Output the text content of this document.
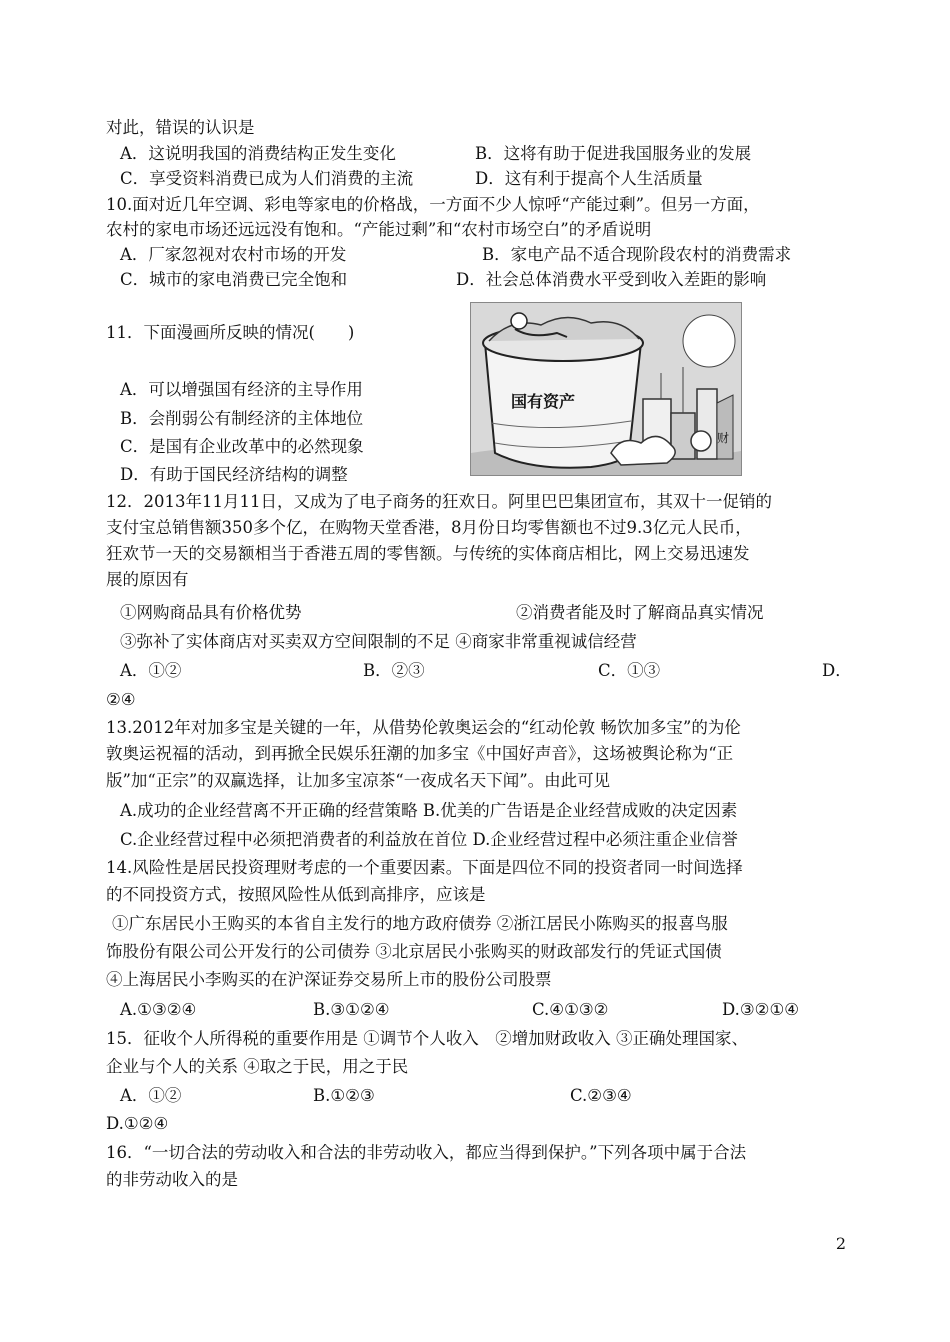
对此，错误的认识是
A．这说明我国的消费结构正发生变化	B．这将有助于促进我国服务业的发展
C．享受资料消费已成为人们消费的主流	D．这有利于提高个人生活质量
10.面对近几年空调、彩电等家电的价格战，一方面不少人惊呼“产能过剩”。但另一方面，
农村的家电市场还远远没有饱和。“产能过剩”和“农村市场空白”的矛盾说明
A．厂家忽视对农村市场的开发	B．家电产品不适合现阶段农村的消费需求
C．城市的家电消费已完全饱和	D．社会总体消费水平受到收入差距的影响
11．下面漫画所反映的情况(　　)
A．可以增强国有经济的主导作用
B．会削弱公有制经济的主体地位
C．是国有企业改革中的必然现象
D．有助于国民经济结构的调整
国有资产
财
12．2013年11月11日，又成为了电子商务的狂欢日。阿里巴巴集团宣布，其双十一促销的
支付宝总销售额350多个亿，在购物天堂香港，8月份日均零售额也不过9.3亿元人民币，
狂欢节一天的交易额相当于香港五周的零售额。与传统的实体商店相比，网上交易迅速发
展的原因有
①网购商品具有价格优势	②消费者能及时了解商品真实情况
③弥补了实体商店对买卖双方空间限制的不足 ④商家非常重视诚信经营
A．①②	B．②③	C．①③	D．
②④
13.2012年对加多宝是关键的一年，从借势伦敦奥运会的“红动伦敦 畅饮加多宝”的为伦
敦奥运祝福的活动，到再掀全民娱乐狂潮的加多宝《中国好声音》，这场被舆论称为“正
版”加“正宗”的双赢选择，让加多宝凉茶“一夜成名天下闻”。由此可见
A.成功的企业经营离不开正确的经营策略 B.优美的广告语是企业经营成败的决定因素
C.企业经营过程中必须把消费者的利益放在首位 D.企业经营过程中必须注重企业信誉
14.风险性是居民投资理财考虑的一个重要因素。下面是四位不同的投资者同一时间选择
的不同投资方式，按照风险性从低到高排序，应该是
①广东居民小王购买的本省自主发行的地方政府债券 ②浙江居民小陈购买的报喜鸟服
饰股份有限公司公开发行的公司债券 ③北京居民小张购买的财政部发行的凭证式国债
④上海居民小李购买的在沪深证券交易所上市的股份公司股票
A.①③②④	B.③①②④	C.④①③②	D.③②①④
15．征收个人所得税的重要作用是 ①调节个人收入　②增加财政收入 ③正确处理国家、
企业与个人的关系 ④取之于民，用之于民
A．①②	B.①②③	C.②③④
D.①②④
16．“一切合法的劳动收入和合法的非劳动收入，都应当得到保护。”下列各项中属于合法
的非劳动收入的是
2
